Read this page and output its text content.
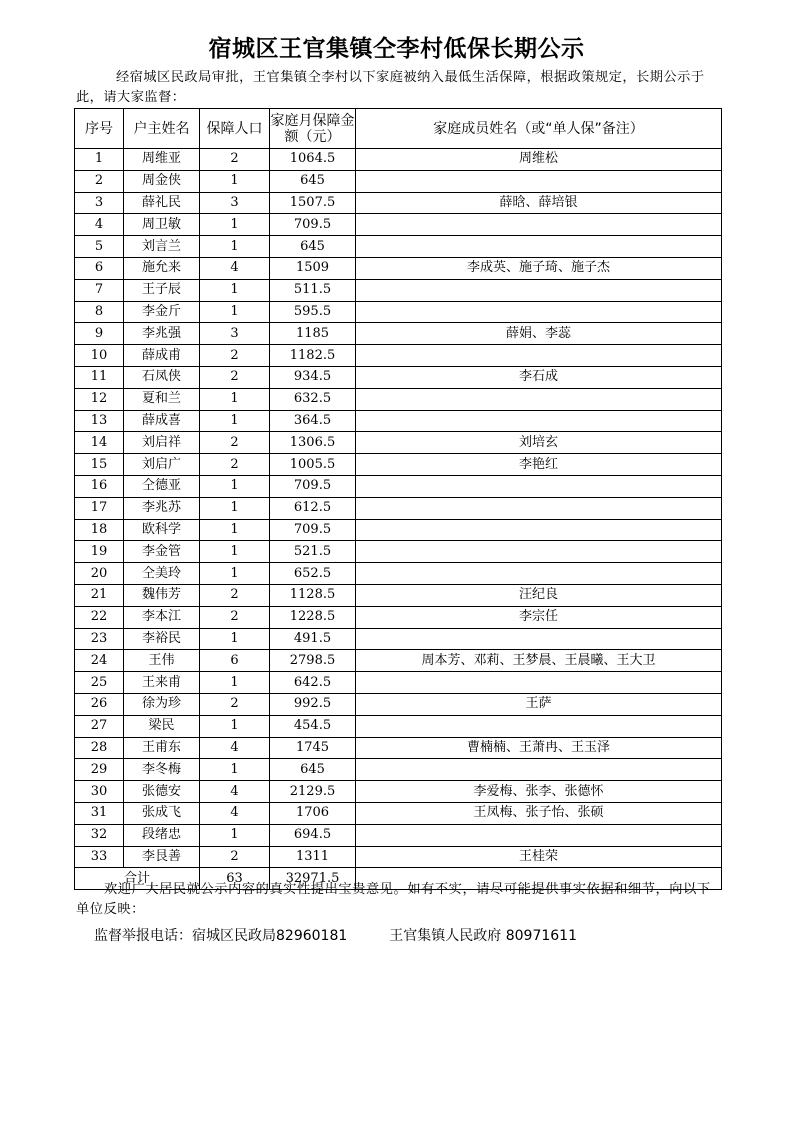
宿城区王官集镇仝李村低保长期公示
经宿城区民政局审批，王官集镇仝李村以下家庭被纳入最低生活保障，根据政策规定，长期公示于此，请大家监督：
序号	户主姓名	保障人口	家庭月保障金额（元）	家庭成员姓名（或“单人保”备注）
1	周维亚	2	1064.5	周维松
2	周金侠	1	645	
3	薛礼民	3	1507.5	薛晗、薛培银
4	周卫敏	1	709.5	
5	刘言兰	1	645	
6	施允来	4	1509	李成英、施子琦、施子杰
7	王子辰	1	511.5	
8	李金斤	1	595.5	
9	李兆强	3	1185	薛娟、李蕊
10	薛成甫	2	1182.5	
11	石凤侠	2	934.5	李石成
12	夏和兰	1	632.5	
13	薛成喜	1	364.5	
14	刘启祥	2	1306.5	刘培玄
15	刘启广	2	1005.5	李艳红
16	仝德亚	1	709.5	
17	李兆苏	1	612.5	
18	欧科学	1	709.5	
19	李金管	1	521.5	
20	仝美玲	1	652.5	
21	魏伟芳	2	1128.5	汪纪良
22	李本江	2	1228.5	李宗任
23	李裕民	1	491.5	
24	王伟	6	2798.5	周本芳、邓莉、王梦晨、王晨曦、王大卫
25	王来甫	1	642.5	
26	徐为珍	2	992.5	王萨
27	梁民	1	454.5	
28	王甫东	4	1745	曹楠楠、王萧冉、王玉泽
29	李冬梅	1	645	
30	张德安	4	2129.5	李爱梅、张李、张德怀
31	张成飞	4	1706	王凤梅、张子怡、张硕
32	段绪忠	1	694.5	
33	李艮善	2	1311	王桂荣
合计		63	32971.5	
欢迎广大居民就公示内容的真实性提出宝贵意见。如有不实，请尽可能提供事实依据和细节，向以下单位反映：
监督举报电话：宿城区民政局82960181	王官集镇人民政府 80971611
